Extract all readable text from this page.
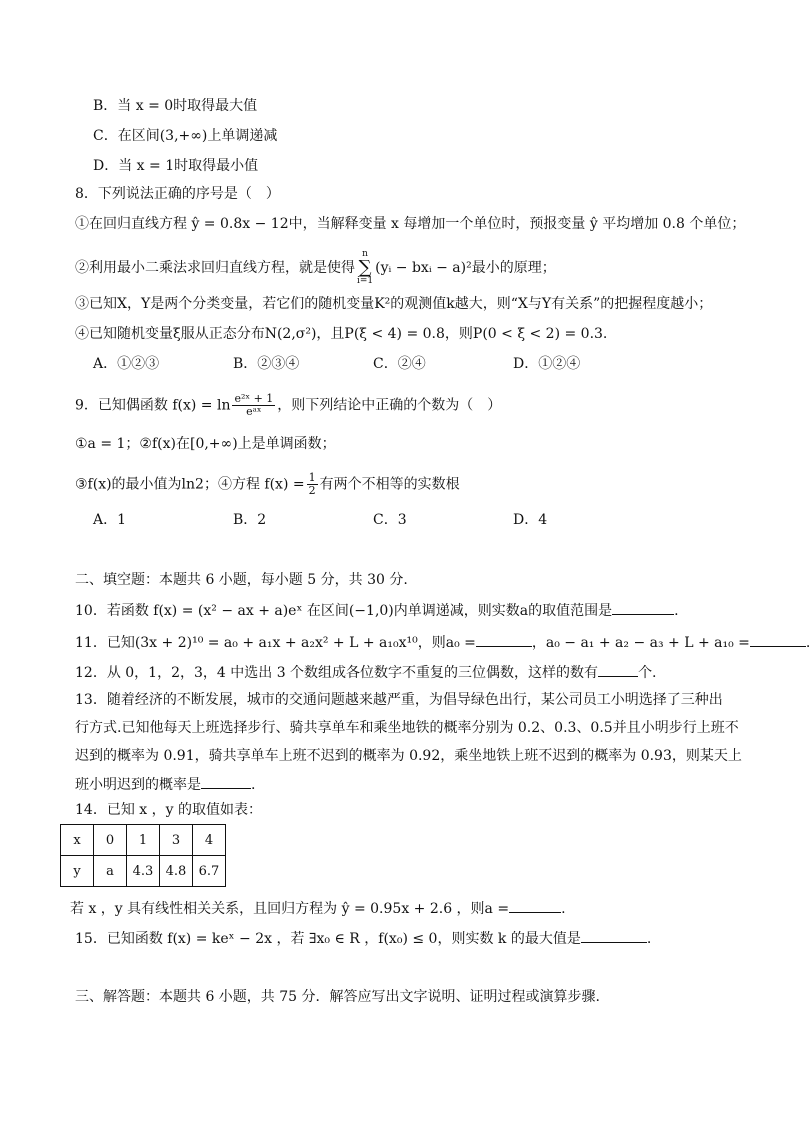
B．当 x = 0时取得最大值
C．在区间(3,+∞)上单调递减
D．当 x = 1时取得最小值
8．下列说法正确的序号是（　）
①在回归直线方程 ŷ = 0.8x − 12中，当解释变量 x 每增加一个单位时，预报变量 ŷ 平均增加 0.8 个单位；
②利用最小二乘法求回归直线方程，就是使得
n
∑
i=1
(yᵢ − bxᵢ − a)²最小的原理；
③已知X，Y是两个分类变量，若它们的随机变量K²的观测值k越大，则“X与Y有关系”的把握程度越小；
④已知随机变量ξ服从正态分布N(2,σ²)，且P(ξ < 4) = 0.8，则P(0 < ξ < 2) = 0.3.
A．①②③	B．②③④	C．②④	D．①②④
9．已知偶函数 $f(x) = \ln \frac{\text{e²ˣ + 1}}{\text{eᵃˣ}}$ ，则下列结论中正确的个数为（　）
①a = 1；②f(x)在[0,+∞)上是单调函数；
③f(x)的最小值为ln2；④方程 $f(x) = \frac{1}{2}$ 有两个不相等的实数根
A．1	B．2	C．3	D．4
二、填空题：本题共 6 小题，每小题 5 分，共 30 分.
10．若函数 f(x) = (x² − ax + a)eˣ 在区间(−1,0)内单调递减，则实数a的取值范围是	.
11．已知(3x + 2)¹⁰ = a₀ + a₁x + a₂x² + L + a₁₀x¹⁰，则a₀ =	，a₀ − a₁ + a₂ − a₃ + L + a₁₀ =	.
12．从 0，1，2，3，4 中选出 3 个数组成各位数字不重复的三位偶数，这样的数有	个.
13．随着经济的不断发展，城市的交通问题越来越严重，为倡导绿色出行，某公司员工小明选择了三种出
行方式.已知他每天上班选择步行、骑共享单车和乘坐地铁的概率分别为 0.2、0.3、0.5并且小明步行上班不
迟到的概率为 0.91，骑共享单车上班不迟到的概率为 0.92，乘坐地铁上班不迟到的概率为 0.93，则某天上
班小明迟到的概率是	.
14．已知 x ，y 的取值如表：
x	0	1	3	4
y	a	4.3	4.8	6.7
若 x ，y 具有线性相关关系，且回归方程为 ŷ = 0.95x + 2.6 ，则a =	.
15．已知函数 f(x) = keˣ − 2x ，若 ∃x₀ ∈ R ，f(x₀) ≤ 0，则实数 k 的最大值是	.
三、解答题：本题共 6 小题，共 75 分．解答应写出文字说明、证明过程或演算步骤.
